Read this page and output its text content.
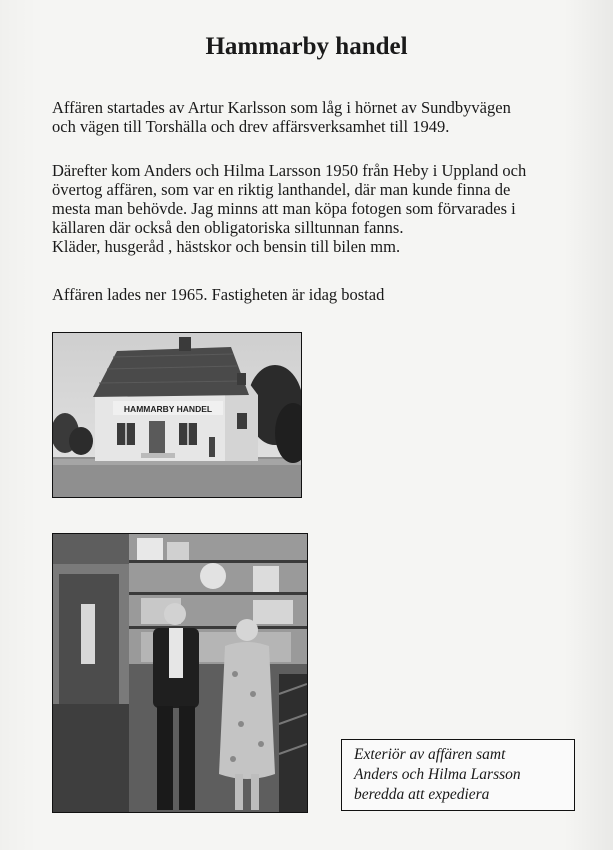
Hammarby handel

Affären startades av Artur Karlsson som låg i hörnet av Sundbyvägen
och vägen till Torshälla och drev affärsverksamhet till 1949.

Därefter kom Anders och Hilma Larsson 1950 från Heby i Uppland och
övertog affären, som var en riktig lanthandel, där man kunde finna de
mesta man behövde. Jag minns att man köpa fotogen som förvarades i
källaren där också den obligatoriska silltunnan fanns.
Kläder, husgeråd , hästskor och bensin till bilen mm.

Affären lades ner 1965. Fastigheten är idag bostad

HAMMARBY HANDEL
Exteriör av affären samt
Anders och Hilma Larsson
beredda att expediera
